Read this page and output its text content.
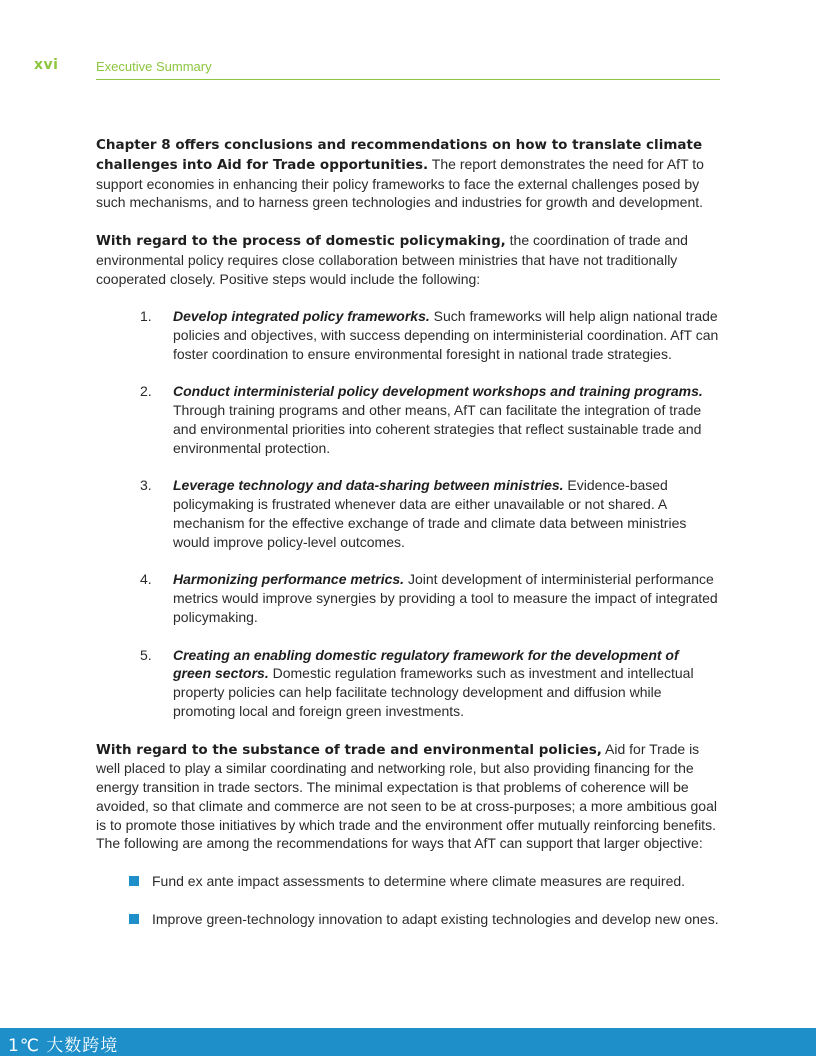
xvi	Executive Summary

Chapter 8 offers conclusions and recommendations on how to translate climate challenges into Aid for Trade opportunities. The report demonstrates the need for AfT to support economies in enhancing their policy frameworks to face the external challenges posed by such mechanisms, and to harness green technologies and industries for growth and development.

With regard to the process of domestic policymaking, the coordination of trade and environmental policy requires close collaboration between ministries that have not traditionally cooperated closely. Positive steps would include the following:

1. Develop integrated policy frameworks. Such frameworks will help align national trade policies and objectives, with success depending on interministerial coordination. AfT can foster coordination to ensure environmental foresight in national trade strategies.
2. Conduct interministerial policy development workshops and training programs. Through training programs and other means, AfT can facilitate the integration of trade and environmental priorities into coherent strategies that reflect sustainable trade and environmental protection.
3. Leverage technology and data-sharing between ministries. Evidence-based policymaking is frustrated whenever data are either unavailable or not shared. A mechanism for the effective exchange of trade and climate data between ministries would improve policy-level outcomes.
4. Harmonizing performance metrics. Joint development of interministerial performance metrics would improve synergies by providing a tool to measure the impact of integrated policymaking.
5. Creating an enabling domestic regulatory framework for the development of green sectors. Domestic regulation frameworks such as investment and intellectual property policies can help facilitate technology development and diffusion while promoting local and foreign green investments.

With regard to the substance of trade and environmental policies, Aid for Trade is well placed to play a similar coordinating and networking role, but also providing financing for the energy transition in trade sectors. The minimal expectation is that problems of coherence will be avoided, so that climate and commerce are not seen to be at cross-purposes; a more ambitious goal is to promote those initiatives by which trade and the environment offer mutually reinforcing benefits. The following are among the recommendations for ways that AfT can support that larger objective:

Fund ex ante impact assessments to determine where climate measures are required.
Improve green-technology innovation to adapt existing technologies and develop new ones.
1℃ 大数跨境
